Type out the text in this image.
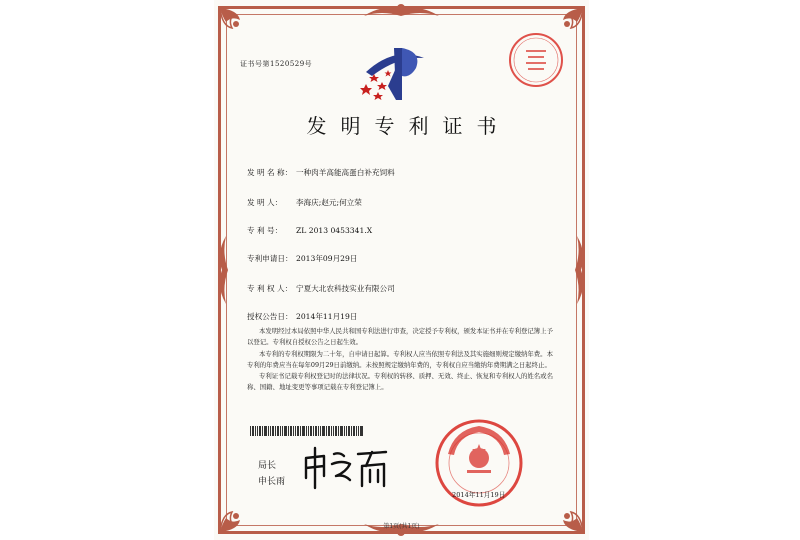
证书号第1520529号
发明专利证书
发 明 名 称： 一种肉羊高能高蛋白补充饲料
发 明 人：	李海庆;赵元;何立荣
专 利 号：	ZL 2013 0453341.X
专利申请日： 2013年09月29日
专 利 权 人： 宁夏大北农科技实业有限公司
授权公告日： 2014年11月19日

本发明经过本局依照中华人民共和国专利法进行审查，决定授予专利权，颁发本证书并在专利登记簿上予以登记。专利权自授权公告之日起生效。

本专利的专利权期限为二十年，自申请日起算。专利权人应当依照专利法及其实施细则规定缴纳年费。本专利的年费应当在每年09月29日前缴纳。未按照规定缴纳年费的，专利权自应当缴纳年费期满之日起终止。

专利证书记载专利权登记时的法律状况。专利权的转移、质押、无效、终止、恢复和专利权人的姓名或名称、国籍、地址变更等事项记载在专利登记簿上。

局长
申长雨
2014年11月19日
第1页(共1页)
